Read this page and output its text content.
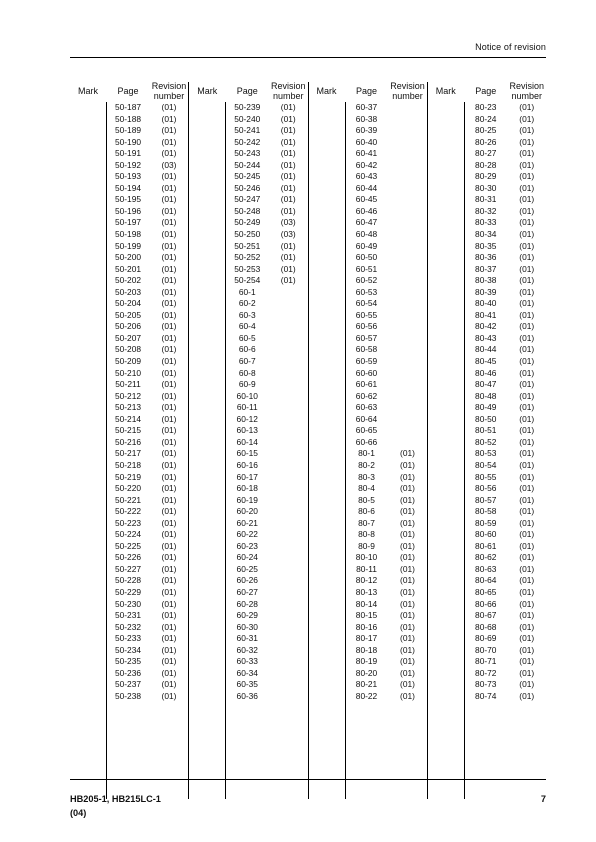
Notice of revision
Mark	Page	Revision
number
50-187	(01)
50-188	(01)
50-189	(01)
50-190	(01)
50-191	(01)
50-192	(03)
50-193	(01)
50-194	(01)
50-195	(01)
50-196	(01)
50-197	(01)
50-198	(01)
50-199	(01)
50-200	(01)
50-201	(01)
50-202	(01)
50-203	(01)
50-204	(01)
50-205	(01)
50-206	(01)
50-207	(01)
50-208	(01)
50-209	(01)
50-210	(01)
50-211	(01)
50-212	(01)
50-213	(01)
50-214	(01)
50-215	(01)
50-216	(01)
50-217	(01)
50-218	(01)
50-219	(01)
50-220	(01)
50-221	(01)
50-222	(01)
50-223	(01)
50-224	(01)
50-225	(01)
50-226	(01)
50-227	(01)
50-228	(01)
50-229	(01)
50-230	(01)
50-231	(01)
50-232	(01)
50-233	(01)
50-234	(01)
50-235	(01)
50-236	(01)
50-237	(01)
50-238	(01)
Mark	Page	Revision
number
50-239	(01)
50-240	(01)
50-241	(01)
50-242	(01)
50-243	(01)
50-244	(01)
50-245	(01)
50-246	(01)
50-247	(01)
50-248	(01)
50-249	(03)
50-250	(03)
50-251	(01)
50-252	(01)
50-253	(01)
50-254	(01)
60-1
60-2
60-3
60-4
60-5
60-6
60-7
60-8
60-9
60-10
60-11
60-12
60-13
60-14
60-15
60-16
60-17
60-18
60-19
60-20
60-21
60-22
60-23
60-24
60-25
60-26
60-27
60-28
60-29
60-30
60-31
60-32
60-33
60-34
60-35
60-36
Mark	Page	Revision
number
60-37
60-38
60-39
60-40
60-41
60-42
60-43
60-44
60-45
60-46
60-47
60-48
60-49
60-50
60-51
60-52
60-53
60-54
60-55
60-56
60-57
60-58
60-59
60-60
60-61
60-62
60-63
60-64
60-65
60-66
80-1	(01)
80-2	(01)
80-3	(01)
80-4	(01)
80-5	(01)
80-6	(01)
80-7	(01)
80-8	(01)
80-9	(01)
80-10	(01)
80-11	(01)
80-12	(01)
80-13	(01)
80-14	(01)
80-15	(01)
80-16	(01)
80-17	(01)
80-18	(01)
80-19	(01)
80-20	(01)
80-21	(01)
80-22	(01)
Mark	Page	Revision
number
80-23	(01)
80-24	(01)
80-25	(01)
80-26	(01)
80-27	(01)
80-28	(01)
80-29	(01)
80-30	(01)
80-31	(01)
80-32	(01)
80-33	(01)
80-34	(01)
80-35	(01)
80-36	(01)
80-37	(01)
80-38	(01)
80-39	(01)
80-40	(01)
80-41	(01)
80-42	(01)
80-43	(01)
80-44	(01)
80-45	(01)
80-46	(01)
80-47	(01)
80-48	(01)
80-49	(01)
80-50	(01)
80-51	(01)
80-52	(01)
80-53	(01)
80-54	(01)
80-55	(01)
80-56	(01)
80-57	(01)
80-58	(01)
80-59	(01)
80-60	(01)
80-61	(01)
80-62	(01)
80-63	(01)
80-64	(01)
80-65	(01)
80-66	(01)
80-67	(01)
80-68	(01)
80-69	(01)
80-70	(01)
80-71	(01)
80-72	(01)
80-73	(01)
80-74	(01)
HB205-1, HB215LC-1
(04)
7
